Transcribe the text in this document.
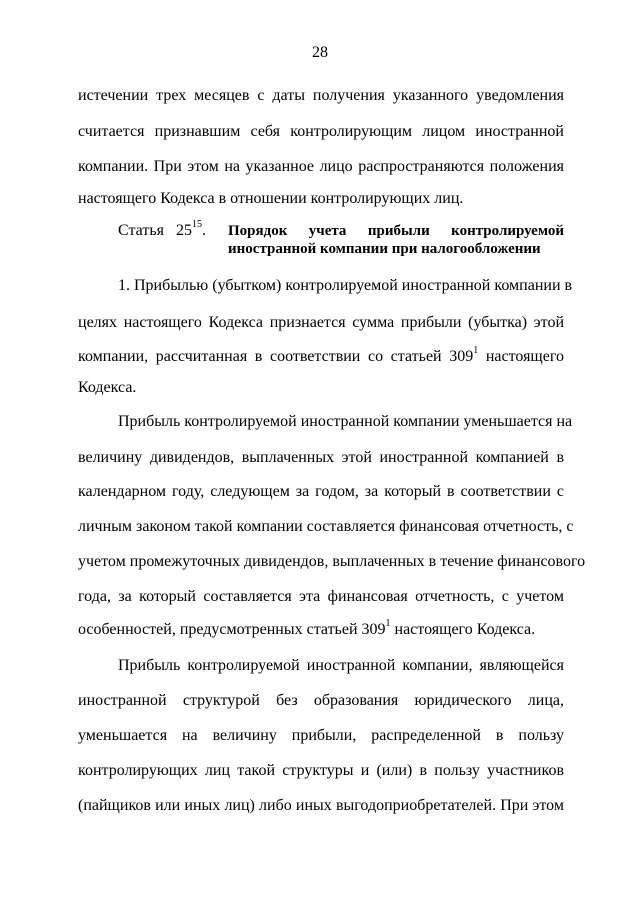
28
истечении трех месяцев с даты получения указанного уведомления
считается признавшим себя контролирующим лицом иностранной
компании. При этом на указанное лицо распространяются положения
настоящего Кодекса в отношении контролирующих лиц.
Статья $25^{15}$. Порядок учета прибыли контролируемой
иностранной компании при налогообложении
1. Прибылью (убытком) контролируемой иностранной компании в
целях настоящего Кодекса признается сумма прибыли (убытка) этой
компании, рассчитанная в соответствии со статьей $309^1$ настоящего
Кодекса.
Прибыль контролируемой иностранной компании уменьшается на
величину дивидендов, выплаченных этой иностранной компанией в
календарном году, следующем за годом, за который в соответствии с
личным законом такой компании составляется финансовая отчетность, с
учетом промежуточных дивидендов, выплаченных в течение финансового
года, за который составляется эта финансовая отчетность, с учетом
особенностей, предусмотренных статьей $309^1$ настоящего Кодекса.
Прибыль контролируемой иностранной компании, являющейся
иностранной структурой без образования юридического лица,
уменьшается на величину прибыли, распределенной в пользу
контролирующих лиц такой структуры и (или) в пользу участников
(пайщиков или иных лиц) либо иных выгодоприобретателей. При этом
